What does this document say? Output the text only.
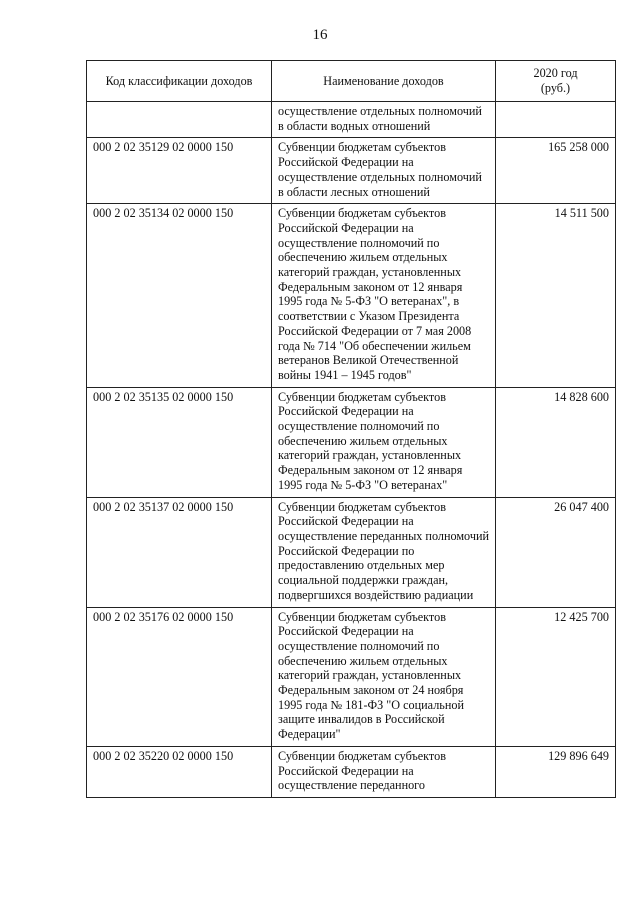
16
Код классификации доходов	Наименование доходов	2020 год
(руб.)
	осуществление отдельных полномочий в области водных отношений	
000 2 02 35129 02 0000 150	Субвенции бюджетам субъектов Российской Федерации на осуществление отдельных полномочий в области лесных отношений	165 258 000
000 2 02 35134 02 0000 150	Субвенции бюджетам субъектов Российской Федерации на осуществление полномочий по обеспечению жильем отдельных категорий граждан, установленных Федеральным законом от 12 января 1995 года № 5-ФЗ "О ветеранах", в соответствии с Указом Президента Российской Федерации от 7 мая 2008 года № 714 "Об обеспечении жильем ветеранов Великой Отечественной войны 1941 – 1945 годов"	14 511 500
000 2 02 35135 02 0000 150	Субвенции бюджетам субъектов Российской Федерации на осуществление полномочий по обеспечению жильем отдельных категорий граждан, установленных Федеральным законом от 12 января 1995 года № 5-ФЗ "О ветеранах"	14 828 600
000 2 02 35137 02 0000 150	Субвенции бюджетам субъектов Российской Федерации на осуществление переданных полномочий Российской Федерации по предоставлению отдельных мер социальной поддержки граждан, подвергшихся воздействию радиации	26 047 400
000 2 02 35176 02 0000 150	Субвенции бюджетам субъектов Российской Федерации на осуществление полномочий по обеспечению жильем отдельных категорий граждан, установленных Федеральным законом от 24 ноября 1995 года № 181-ФЗ "О социальной защите инвалидов в Российской Федерации"	12 425 700
000 2 02 35220 02 0000 150	Субвенции бюджетам субъектов Российской Федерации на осуществление переданного	129 896 649
